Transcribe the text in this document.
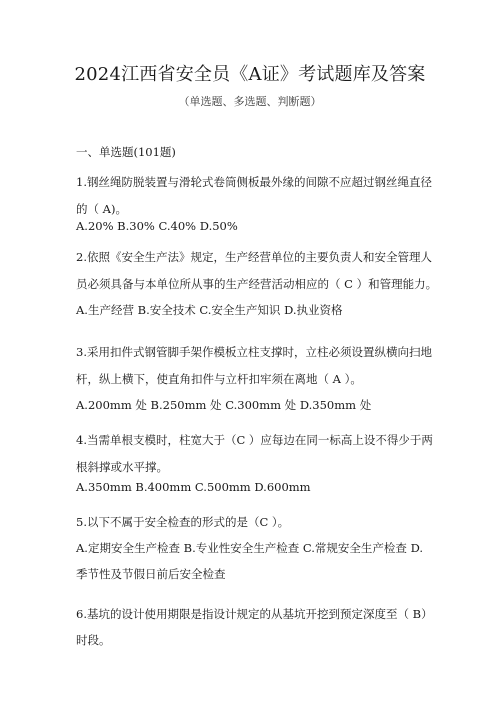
2024江西省安全员《A证》考试题库及答案
（单选题、多选题、判断题）
一、单选题(101题)
1.钢丝绳防脱装置与滑轮式卷筒侧板最外缘的间隙不应超过钢丝绳直径
的（ A)。
A.20% B.30% C.40% D.50%
2.依照《安全生产法》规定，生产经营单位的主要负责人和安全管理人
员必须具备与本单位所从事的生产经营活动相应的（ C ）和管理能力。
A.生产经营 B.安全技术 C.安全生产知识 D.执业资格
3.采用扣件式钢管脚手架作模板立柱支撑时，立柱必须设置纵横向扫地
杆，纵上横下，使直角扣件与立杆扣牢须在离地（ A ）。
A.200mm 处 B.250mm 处 C.300mm 处 D.350mm 处
4.当需单根支模时，柱宽大于（C ）应每边在同一标高上设不得少于两
根斜撑或水平撑。
A.350mm B.400mm C.500mm D.600mm
5.以下不属于安全检查的形式的是（C ）。
A.定期安全生产检查 B.专业性安全生产检查 C.常规安全生产检查 D.
季节性及节假日前后安全检查
6.基坑的设计使用期限是指设计规定的从基坑开挖到预定深度至（ B）
时段。
